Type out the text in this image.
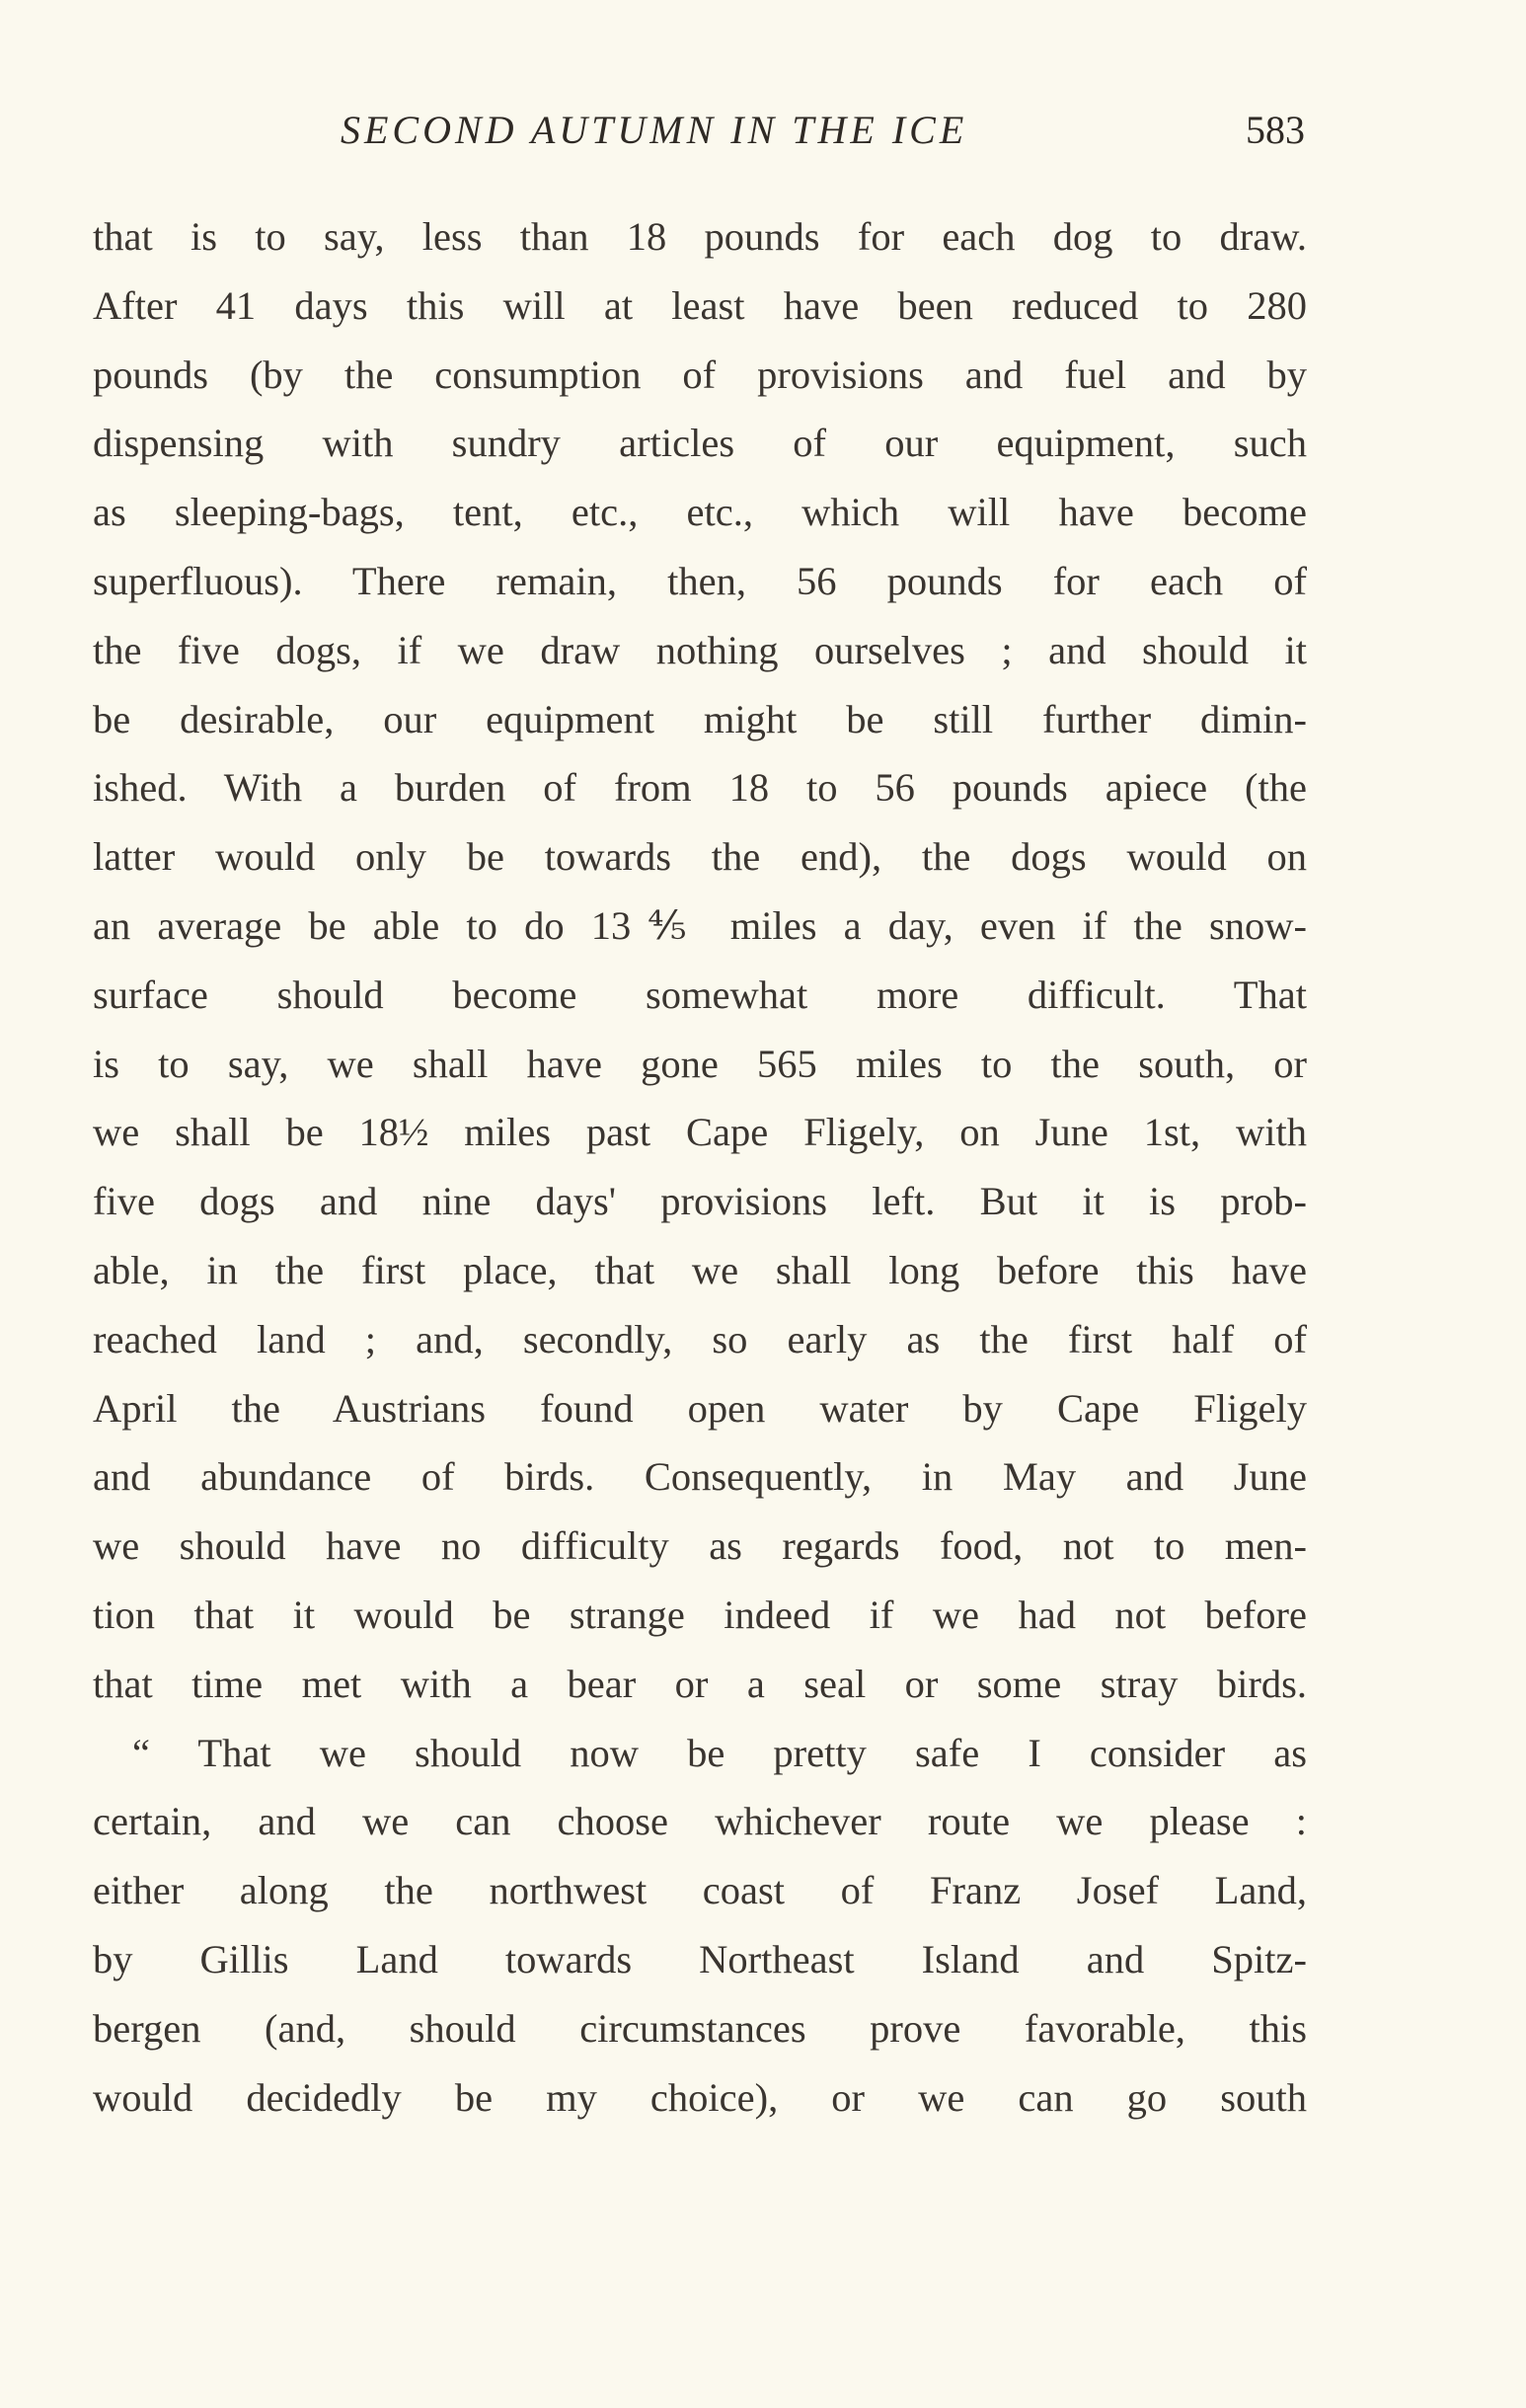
SECOND AUTUMN IN THE ICE	583
that is to say, less than 18 pounds for each dog to draw.
After 41 days this will at least have been reduced to 280
pounds (by the consumption of provisions and fuel and by
dispensing with sundry articles of our equipment, such
as sleeping-bags, tent, etc., etc., which will have become
superfluous). There remain, then, 56 pounds for each of
the five dogs, if we draw nothing ourselves ; and should it
be desirable, our equipment might be still further dimin-
ished. With a burden of from 18 to 56 pounds apiece (the
latter would only be towards the end), the dogs would on
an average be able to do 13⅘ miles a day, even if the snow-
surface should become somewhat more difficult. That
is to say, we shall have gone 565 miles to the south, or
we shall be 18½ miles past Cape Fligely, on June 1st, with
five dogs and nine days' provisions left. But it is prob-
able, in the first place, that we shall long before this have
reached land ; and, secondly, so early as the first half of
April the Austrians found open water by Cape Fligely
and abundance of birds. Consequently, in May and June
we should have no difficulty as regards food, not to men-
tion that it would be strange indeed if we had not before
that time met with a bear or a seal or some stray birds.
“ That we should now be pretty safe I consider as
certain, and we can choose whichever route we please :
either along the northwest coast of Franz Josef Land,
by Gillis Land towards Northeast Island and Spitz-
bergen (and, should circumstances prove favorable, this
would decidedly be my choice), or we can go south
